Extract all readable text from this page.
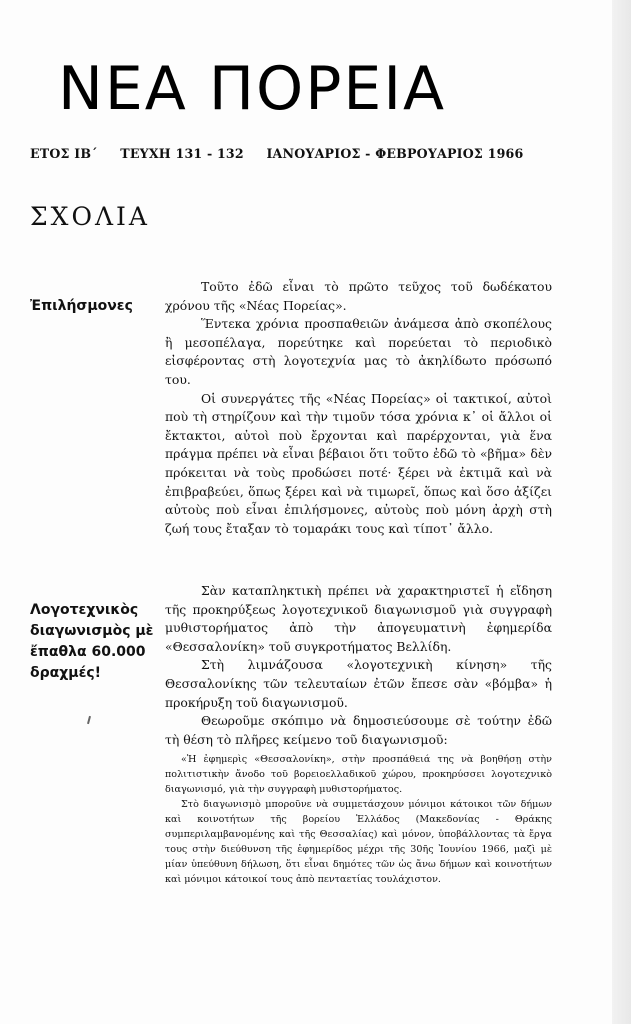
ΝΕΑ ΠΟΡΕΙΑ
ΕΤΟΣ ΙΒ΄ ΤΕΥΧΗ 131 - 132 ΙΑΝΟΥΑΡΙΟΣ - ΦΕΒΡΟΥΑΡΙΟΣ 1966
ΣΧΟΛΙΑ
Ἐπιλήσμονες

Τοῦτο ἐδῶ εἶναι τὸ πρῶτο τεῦχος τοῦ δωδέκατου χρόνου τῆς «Νέας Πορείας».

Ἕντεκα χρόνια προσπαθειῶν ἀνάμεσα ἀπὸ σκοπέλους ἢ μεσοπέλαγα, πορεύτηκε καὶ πορεύεται τὸ περιοδικὸ εἰσφέροντας στὴ λογοτεχνία μας τὸ ἀκηλίδωτο πρόσωπό του.

Οἱ συνεργάτες τῆς «Νέας Πορείας» οἱ τακτικοί, αὐτοὶ ποὺ τὴ στηρίζουν καὶ τὴν τιμοῦν τόσα χρόνια κ᾿ οἱ ἄλλοι οἱ ἔκτακτοι, αὐτοὶ ποὺ ἔρχονται καὶ παρέρχονται, γιὰ ἕνα πράγμα πρέπει νὰ εἶναι βέβαιοι ὅτι τοῦτο ἐδῶ τὸ «βῆμα» δὲν πρόκειται νὰ τοὺς προδώσει ποτέ· ξέρει νὰ ἐκτιμᾶ καὶ νὰ ἐπιβραβεύει, ὅπως ξέρει καὶ νὰ τιμωρεῖ, ὅπως καὶ ὅσο ἀξίζει αὐτοὺς ποὺ εἶναι ἐπιλήσμονες, αὐτοὺς ποὺ μόνη ἀρχὴ στὴ ζωή τους ἔταξαν τὸ τομαράκι τους καὶ τίποτ᾿ ἄλλο.

Λογοτεχνικὸς διαγωνισμὸς μὲ ἔπαθλα 60.000 δραχμές!

Σὰν καταπληκτικὴ πρέπει νὰ χαρακτηριστεῖ ἡ εἴδηση τῆς προκηρύξεως λογοτεχνικοῦ διαγωνισμοῦ γιὰ συγγραφὴ μυθιστορήματος ἀπὸ τὴν ἀπογευματινὴ ἐφημερίδα «Θεσσαλονίκη» τοῦ συγκροτήματος Βελλίδη.

Στὴ λιμνάζουσα «λογοτεχνικὴ κίνηση» τῆς Θεσσαλονίκης τῶν τελευταίων ἐτῶν ἔπεσε σὰν «βόμβα» ἡ προκήρυξη τοῦ διαγωνισμοῦ.

Θεωροῦμε σκόπιμο νὰ δημοσιεύσουμε σὲ τούτην ἐδῶ τὴ θέση τὸ πλῆρες κείμενο τοῦ διαγωνισμοῦ:

«Ἡ ἐφημερὶς «Θεσσαλονίκη», στὴν προσπάθειά της νὰ βοηθήσῃ στὴν πολιτιστικὴν ἄνοδο τοῦ βορειοελλαδικοῦ χώρου, προκηρύσσει λογοτεχνικὸ διαγωνισμό, γιὰ τὴν συγγραφὴ μυθιστορήματος.

Στὸ διαγωνισμὸ μποροῦνε νὰ συμμετάσχουν μόνιμοι κάτοικοι τῶν δήμων καὶ κοινοτήτων τῆς βορείου Ἑλλάδος (Μακεδονίας - Θράκης συμπεριλαμβανομένης καὶ τῆς Θεσσαλίας) καὶ μόνον, ὑποβάλλοντας τὰ ἔργα τους στὴν διεύθυνση τῆς ἐφημερίδος μέχρι τῆς 30ῆς Ἰουνίου 1966, μαζὶ μὲ μίαν ὑπεύθυνη δήλωση, ὅτι εἶναι δημότες τῶν ὡς ἄνω δήμων καὶ κοινοτήτων καὶ μόνιμοι κάτοικοί τους ἀπὸ πενταετίας τουλάχιστον.
